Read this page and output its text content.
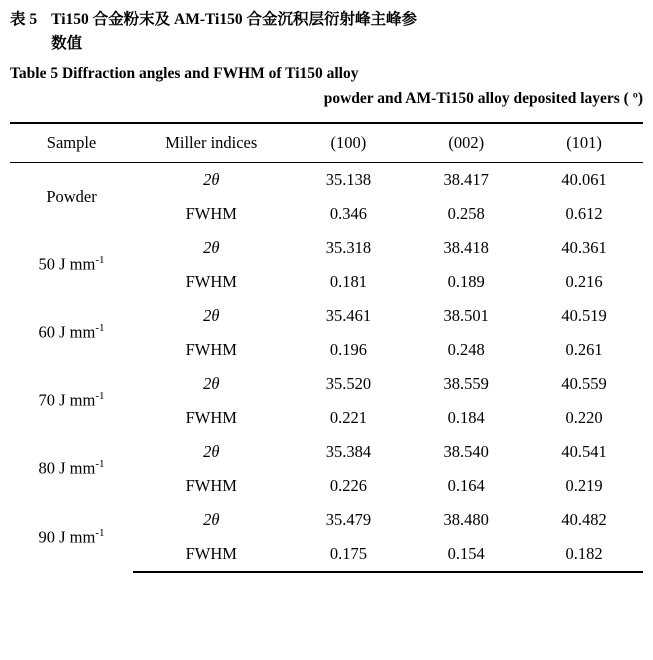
表 5 Ti150 合金粉末及 AM-Ti150 合金沉积层衍射峰主峰参
数值
Table 5 Diffraction angles and FWHM of Ti150 alloy
powder and AM-Ti150 alloy deposited layers ( º)
Sample	Miller indices	(100)	(002)	(101)
Powder	2θ	35.138	38.417	40.061
	FWHM	0.346	0.258	0.612
50 J $mm^{-1}$	2θ	35.318	38.418	40.361
	FWHM	0.181	0.189	0.216
60 J $mm^{-1}$	2θ	35.461	38.501	40.519
	FWHM	0.196	0.248	0.261
70 J $mm^{-1}$	2θ	35.520	38.559	40.559
	FWHM	0.221	0.184	0.220
80 J $mm^{-1}$	2θ	35.384	38.540	40.541
	FWHM	0.226	0.164	0.219
90 J $mm^{-1}$	2θ	35.479	38.480	40.482
	FWHM	0.175	0.154	0.182
